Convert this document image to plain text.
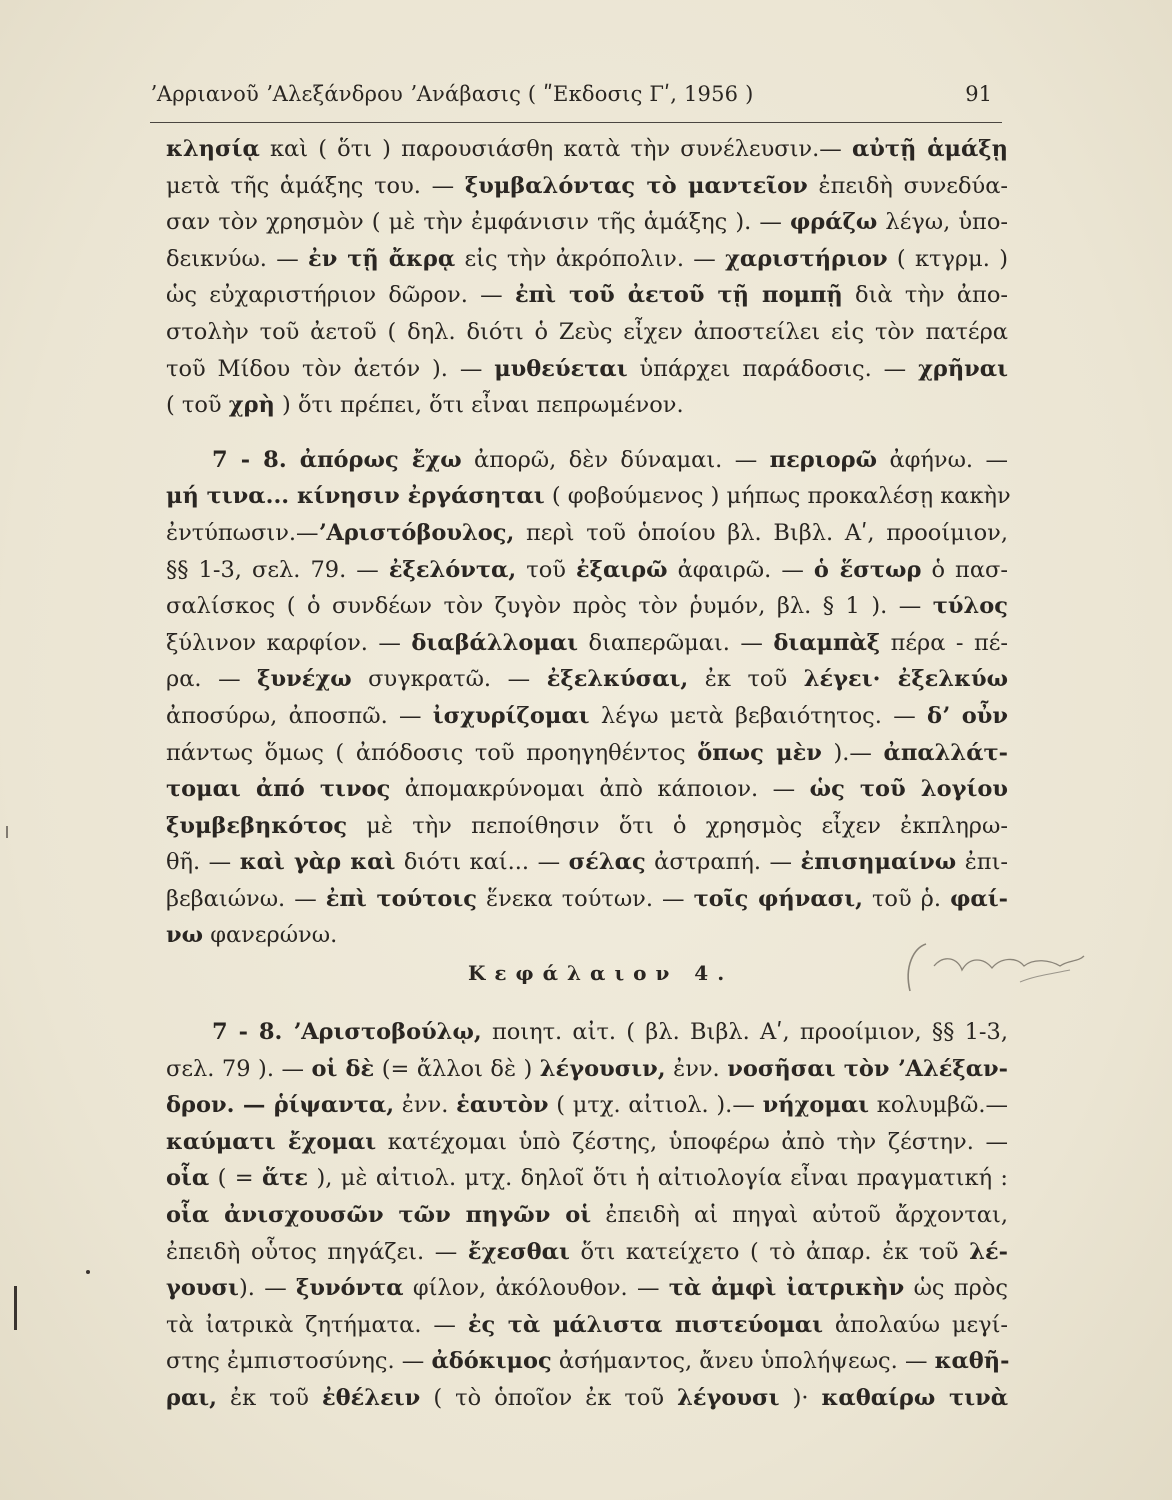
ʼΑρριανοῦ ʼΑλεξάνδρου ʼΑνάβασις ( ʺΕκδοσις Γʹ, 1956 )	91
κλησίᾳ καὶ ( ὅτι ) παρουσιάσθη κατὰ τὴν συνέλευσιν.— αὐτῇ ἁμάξῃ
μετὰ τῆς ἁμάξης του. — ξυμβαλόντας τὸ μαντεῖον ἐπειδὴ συνεδύα-
σαν τὸν χρησμὸν ( μὲ τὴν ἐμφάνισιν τῆς ἁμάξης ). — φράζω λέγω, ὑπο-
δεικνύω. — ἐν τῇ ἄκρᾳ εἰς τὴν ἀκρόπολιν. — χαριστήριον ( κτγρμ. )
ὡς εὐχαριστήριον δῶρον. — ἐπὶ τοῦ ἀετοῦ τῇ πομπῇ διὰ τὴν ἀπο-
στολὴν τοῦ ἀετοῦ ( δηλ. διότι ὁ Ζεὺς εἶχεν ἀποστείλει εἰς τὸν πατέρα
τοῦ Μίδου τὸν ἀετόν ). — μυθεύεται ὑπάρχει παράδοσις. — χρῆναι
( τοῦ χρὴ ) ὅτι πρέπει, ὅτι εἶναι πεπρωμένον.
7 - 8. ἀπόρως ἔχω ἀπορῶ, δὲν δύναμαι. — περιορῶ ἀφήνω. —
μή τινα... κίνησιν ἐργάσηται ( φοβούμενος ) μήπως προκαλέσῃ κακὴν
ἐντύπωσιν.—ʼΑριστόβουλος, περὶ τοῦ ὁποίου βλ. Βιβλ. Αʹ, προοίμιον,
§§ 1-3, σελ. 79. — ἐξελόντα, τοῦ ἐξαιρῶ ἀφαιρῶ. — ὁ ἕστωρ ὁ πασ-
σαλίσκος ( ὁ συνδέων τὸν ζυγὸν πρὸς τὸν ῥυμόν, βλ. § 1 ). — τύλος
ξύλινον καρφίον. — διαβάλλομαι διαπερῶμαι. — διαμπὰξ πέρα - πέ-
ρα. — ξυνέχω συγκρατῶ. — ἐξελκύσαι, ἐκ τοῦ λέγει· ἐξελκύω
ἀποσύρω, ἀποσπῶ. — ἰσχυρίζομαι λέγω μετὰ βεβαιότητος. — δʼ οὖν
πάντως ὅμως ( ἀπόδοσις τοῦ προηγηθέντος ὅπως μὲν ).— ἀπαλλάτ-
τομαι ἀπό τινος ἀπομακρύνομαι ἀπὸ κάποιον. — ὡς τοῦ λογίου
ξυμβεβηκότος μὲ τὴν πεποίθησιν ὅτι ὁ χρησμὸς εἶχεν ἐκπληρω-
θῆ. — καὶ γὰρ καὶ διότι καί... — σέλας ἀστραπή. — ἐπισημαίνω ἐπι-
βεβαιώνω. — ἐπὶ τούτοις ἕνεκα τούτων. — τοῖς φήνασι, τοῦ ῥ. φαί-
νω φανερώνω.
Κεφάλαιον 4.
7 - 8. ʼΑριστοβούλῳ, ποιητ. αἰτ. ( βλ. Βιβλ. Αʹ, προοίμιον, §§ 1-3,
σελ. 79 ). — οἱ δὲ (= ἄλλοι δὲ ) λέγουσιν, ἐνν. νοσῆσαι τὸν ʼΑλέξαν-
δρον. — ῥίψαντα, ἐνν. ἑαυτὸν ( μτχ. αἰτιολ. ).— νήχομαι κολυμβῶ.—
καύματι ἔχομαι κατέχομαι ὑπὸ ζέστης, ὑποφέρω ἀπὸ τὴν ζέστην. —
οἷα ( = ἅτε ), μὲ αἰτιολ. μτχ. δηλοῖ ὅτι ἡ αἰτιολογία εἶναι πραγματική :
οἷα ἀνισχουσῶν τῶν πηγῶν οἱ ἐπειδὴ αἱ πηγαὶ αὐτοῦ ἄρχονται,
ἐπειδὴ οὗτος πηγάζει. — ἔχεσθαι ὅτι κατείχετο ( τὸ ἀπαρ. ἐκ τοῦ λέ-
γουσι). — ξυνόντα φίλον, ἀκόλουθον. — τὰ ἀμφὶ ἰατρικὴν ὡς πρὸς
τὰ ἰατρικὰ ζητήματα. — ἐς τὰ μάλιστα πιστεύομαι ἀπολαύω μεγί-
στης ἐμπιστοσύνης. — ἀδόκιμος ἀσήμαντος, ἄνευ ὑπολήψεως. — καθῆ-
ραι, ἐκ τοῦ ἐθέλειν ( τὸ ὁποῖον ἐκ τοῦ λέγουσι )· καθαίρω τινὰ
